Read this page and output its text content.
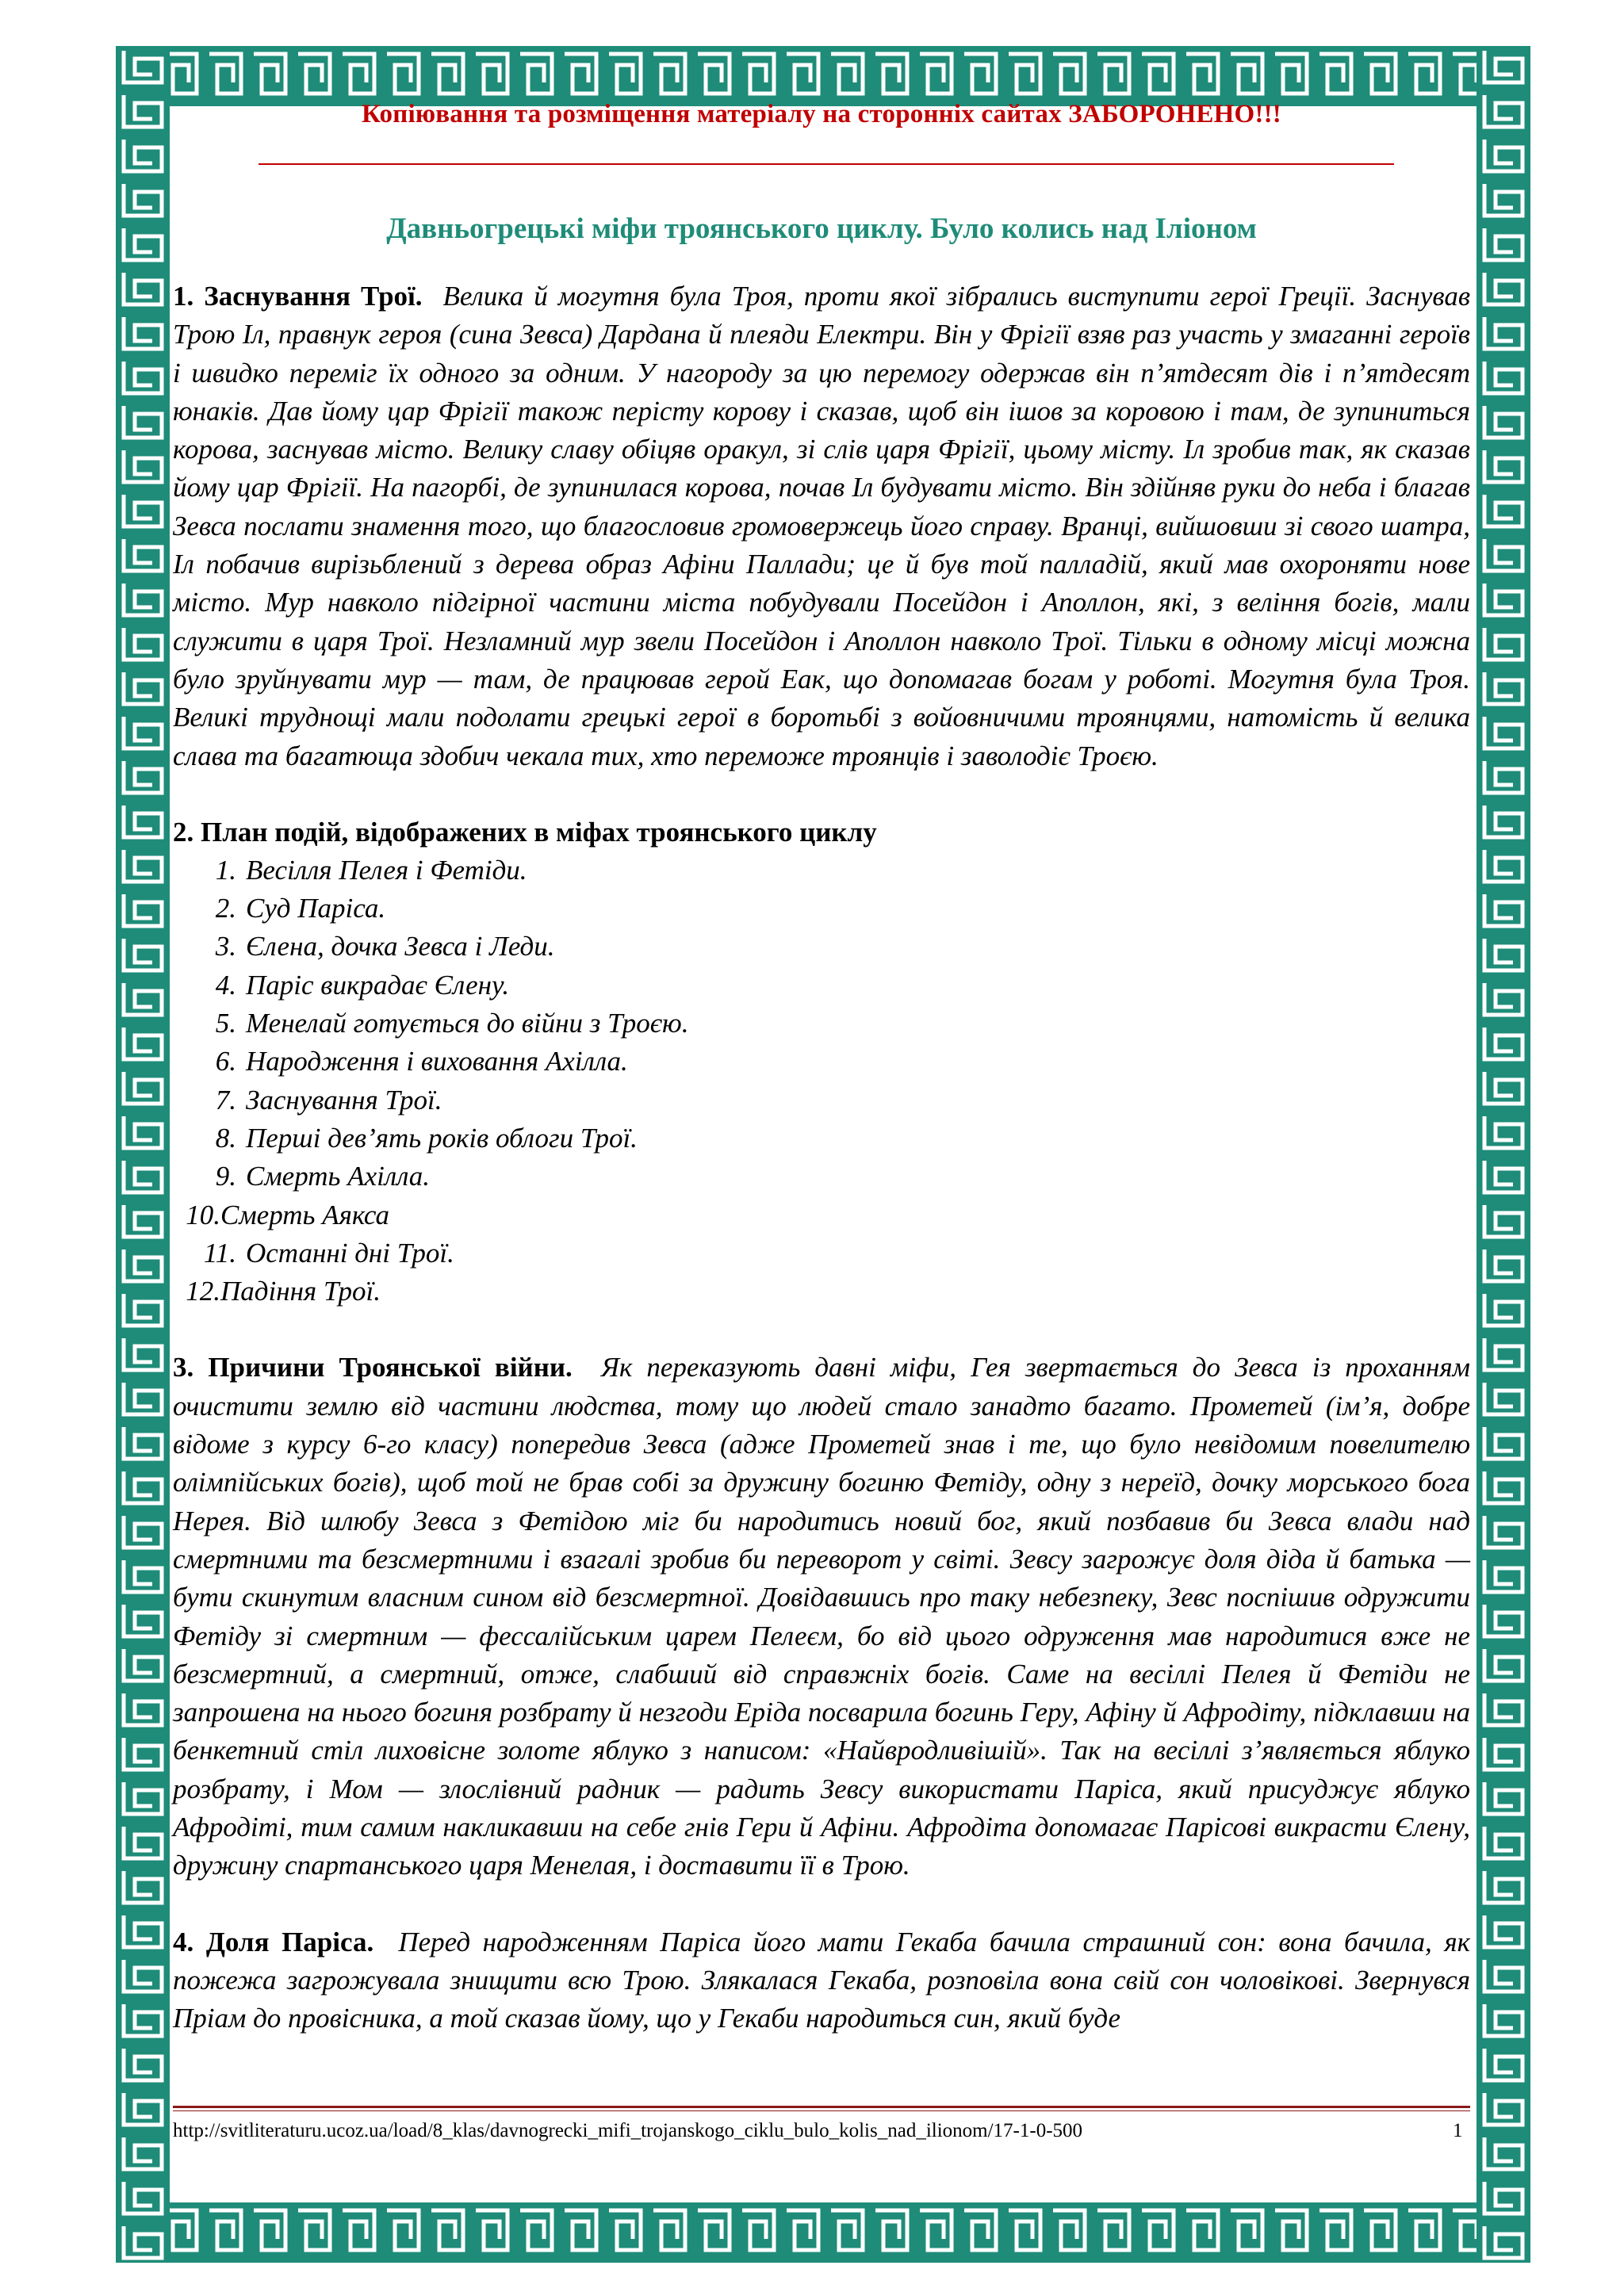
Копіювання та розміщення матеріалу на сторонніх сайтах ЗАБОРОНЕНО!!!
Давньогрецькі міфи троянського циклу. Було колись над Іліоном

1. Заснування Трої. Велика й могутня була Троя, проти якої зібрались виступити герої Греції. Заснував Трою Іл, правнук героя (сина Зевса) Дардана й плеяди Електри. Він у Фрігії взяв раз участь у змаганні героїв і швидко переміг їх одного за одним. У нагороду за цю перемогу одержав він п’ятдесят дів і п’ятдесят юнаків. Дав йому цар Фрігії також перісту корову і сказав, щоб він ішов за коровою і там, де зупиниться корова, заснував місто. Велику славу обіцяв оракул, зі слів царя Фрігії, цьому місту. Іл зробив так, як сказав йому цар Фрігії. На пагорбі, де зупинилася корова, почав Іл будувати місто. Він здійняв руки до неба і благав Зевса послати знамення того, що благословив громовержець його справу. Вранці, вийшовши зі свого шатра, Іл побачив вирізьблений з дерева образ Афіни Паллади; це й був той палладій, який мав охороняти нове місто. Мур навколо підгірної частини міста побудували Посейдон і Аполлон, які, з веління богів, мали служити в царя Трої. Незламний мур звели Посейдон і Аполлон навколо Трої. Тільки в одному місці можна було зруйнувати мур — там, де працював герой Еак, що допомагав богам у роботі. Могутня була Троя. Великі труднощі мали подолати грецькі герої в боротьбі з войовничими троянцями, натомість й велика слава та багатюща здобич чекала тих, хто переможе троянців і заволодіє Троєю.

2. План подій, відображених в міфах троянського циклу
1. Весілля Пелея і Фетіди.
2. Суд Паріса.
3. Єлена, дочка Зевса і Леди.
4. Паріс викрадає Єлену.
5. Менелай готується до війни з Троєю.
6. Народження і виховання Ахілла.
7. Заснування Трої.
8. Перші дев’ять років облоги Трої.
9. Смерть Ахілла.
10. Смерть Аякса
11. Останні дні Трої.
12. Падіння Трої.

3. Причини Троянської війни. Як переказують давні міфи, Гея звертається до Зевса із проханням очистити землю від частини людства, тому що людей стало занадто багато. Прометей (ім’я, добре відоме з курсу 6-го класу) попередив Зевса (адже Прометей знав і те, що було невідомим повелителю олімпійських богів), щоб той не брав собі за дружину богиню Фетіду, одну з нереїд, дочку морського бога Нерея. Від шлюбу Зевса з Фетідою міг би народитись новий бог, який позбавив би Зевса влади над смертними та безсмертними і взагалі зробив би переворот у світі. Зевсу загрожує доля діда й батька — бути скинутим власним сином від безсмертної. Довідавшись про таку небезпеку, Зевс поспішив одружити Фетіду зі смертним — фессалійським царем Пелеєм, бо від цього одруження мав народитися вже не безсмертний, а смертний, отже, слабший від справжніх богів. Саме на весіллі Пелея й Фетіди не запрошена на нього богиня розбрату й незгоди Еріда посварила богинь Геру, Афіну й Афродіту, підклавши на бенкетний стіл лиховісне золоте яблуко з написом: «Найвродливішій». Так на весіллі з’являється яблуко розбрату, і Мом — злослівний радник — радить Зевсу використати Паріса, який присуджує яблуко Афродіті, тим самим накликавши на себе гнів Гери й Афіни. Афродіта допомагає Парісові викрасти Єлену, дружину спартанського царя Менелая, і доставити її в Трою.

4. Доля Паріса. Перед народженням Паріса його мати Гекаба бачила страшний сон: вона бачила, як пожежа загрожувала знищити всю Трою. Злякалася Гекаба, розповіла вона свій сон чоловікові. Звернувся Пріам до провісника, а той сказав йому, що у Гекаби народиться син, який буде

http://svitliteraturu.ucoz.ua/load/8_klas/davnogrecki_mifi_trojanskogo_ciklu_bulo_kolis_nad_ilionom/17-1-0-500	1
